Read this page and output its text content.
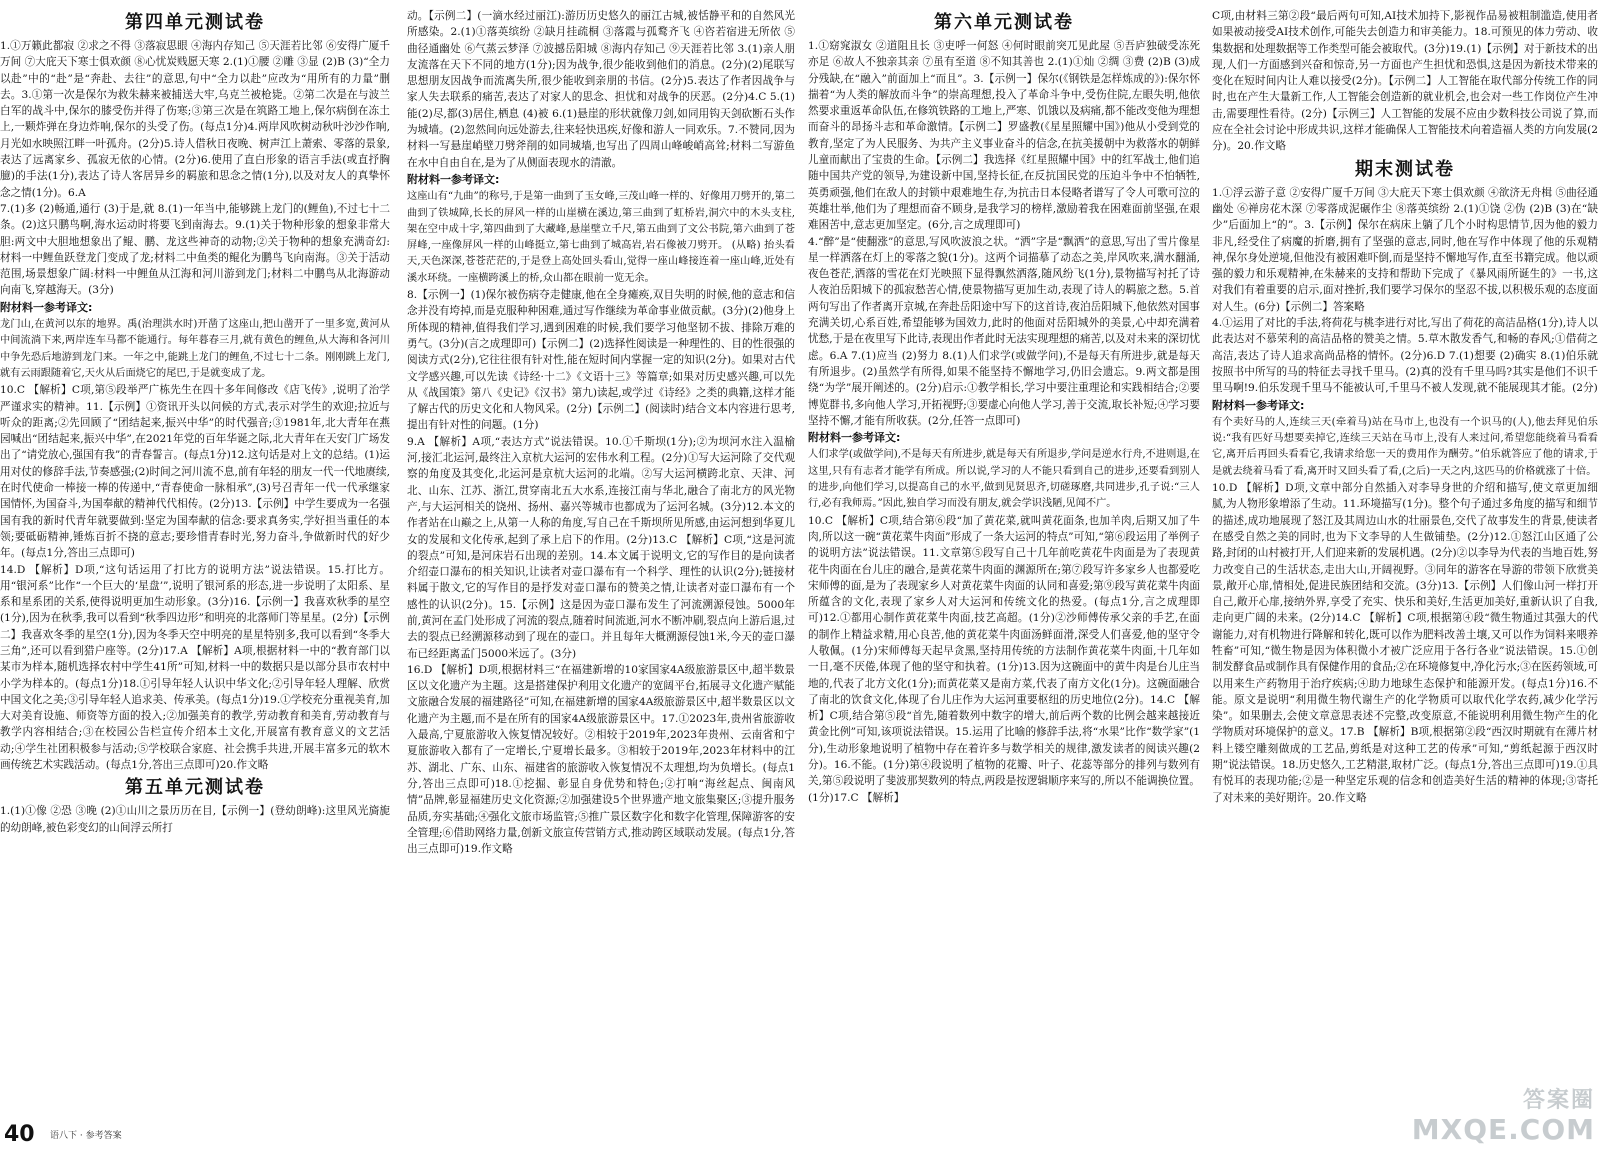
第四单元测试卷

1.①万籁此都寂 ②求之不得 ③落寂思眼 ④海内存知己 ⑤天涯若比邻 ⑥安得广厦千万间 ⑦大庇天下寒士俱欢颜 ⑧心忧炭贱愿天寒 2.(1)①腰 ②雕 ③显 (2)B (3)“全力以赴”中的“赴”是“奔赴、去往”的意思,句中“全力以赴”应改为“用所有的力量”删去。3.①第一次是保尔为救朱赫来被捕送大牢,乌克兰被枪毙。②第二次是在与波兰白军的战斗中,保尔的膝受伤并得了伤寒;③第三次是在筑路工地上,保尔病倒在冻土上,一颗炸弹在身边炸响,保尔的头受了伤。(每点1分)4.两岸风吹树动秋叶沙沙作响,月光如水映照江畔一叶孤舟。(2分)5.诗人借秋日夜晚、树声江上萧索、零落的景象,表达了远离家乡、孤寂无依的心情。(2分)6.使用了直白形象的语言手法(或直抒胸臆)的手法(1分),表达了诗人客居异乡的羁旅和思念之情(1分),以及对友人的真挚怀念之情(1分)。6.A

7.(1)多 (2)畅通,通行 (3)于是,就 8.(1)一年当中,能够跳上龙门的(鲤鱼),不过七十二条。(2)这只鹏鸟啊,海水运动时将要飞到南海去。9.(1)关于物种形象的想象非常大胆:两文中大胆地想象出了鲲、鹏、龙这些神奇的动物;②关于物种的想象充满奇幻:材料一中鲤鱼跃登龙门变成了龙;材料二中鱼类的鲲化为鹏鸟飞向南海。③关于活动范围,场景想象广阔:材料一中鲤鱼从江海和河川游到龙门;材料二中鹏鸟从北海游动向南飞,穿越海天。(3分)

附材料一参考译文:

龙门山,在黄河以东的地界。禹(治理洪水时)开凿了这座山,把山凿开了一里多宽,黄河从中间流淌下来,两岸连车马都不能通行。每年暮春三月,就有黄色的鲤鱼,从大海和各河川中争先恐后地游到龙门来。一年之中,能跳上龙门的鲤鱼,不过七十二条。刚刚跳上龙门,就有云雨跟随着它,天火从后面烧它的尾巴,于是就变成了龙。

10.C 【解析】C项,第⑤段举严广栋先生在四十多年间修改《店飞传》,说明了治学严谨求实的精神。11.【示例】①资讯开头以问候的方式,表示对学生的欢迎;拉近与听众的距离;②先回顾了“团结起来,振兴中华”的时代强音;③1981年,北大青年在燕园喊出“团结起来,振兴中华”,在2021年党的百年华诞之际,北大青年在天安门广场发出了“请党放心,强国有我”的青春誓言。(每点1分)12.这句话是对上文的总结。(1)运用对仗的修辞手法,节奏感强;(2)时间之河川流不息,前有年轻的朋友一代一代地赓续,在时代使命一棒接一棒的传递中,“青春使命一脉相承”,(3)号召青年一代一代承继家国情怀,为国奋斗,为国奉献的精神代代相传。(2分)13.【示例】中学生要成为一名强国有我的新时代青年就要做到:坚定为国奉献的信念:要求真务实,学好担当重任的本领;要砥砺精神,锤炼百折不挠的意志;要珍惜青春时光,努力奋斗,争做新时代的好少年。(每点1分,答出三点即可)

14.D 【解析】D项,“这句话运用了打比方的说明方法”说法错误。15.打比方。用“银河系”比作“一个巨大的‘星盘’”,说明了银河系的形态,进一步说明了太阳系、星系和星系团的关系,使得说明更加生动形象。(3分)16.【示例一】我喜欢秋季的星空(1分),因为在秋季,我可以看到“秋季四边形”和明亮的北落师门等星星。(2分)【示例二】我喜欢冬季的星空(1分),因为冬季天空中明亮的星星特别多,我可以看到“冬季大三角”,还可以看到猎户座等。(2分)17.A 【解析】A项,根据材料一中的“教育部门以某市为样本,随机选择农村中学生41所”可知,材料一中的数据只是以部分县市农村中小学为样本的。(每点1分)18.①引导年轻人认识中华文化;②引导年轻人理解、欣赏中国文化之美;③引导年轻人追求美、传承美。(每点1分)19.①学校充分重视美育,加大对美育设施、师资等方面的投入;②加强美育的教学,劳动教育和美育,劳动教育与教学内容相结合;③在校园公告栏宣传介绍本土文化,开展富有教育意义的文艺活动;④学生社团积极参与活动;⑤学校联合家庭、社会携手共进,开展丰富多元的软木画传统艺术实践活动。(每点1分,答出三点即可)20.作文略

第五单元测试卷

1.(1)①像 ②恐 ③晚 (2)①山川之景历历在目,【示例一】(登幼朗峰):这里风光旖旎的幼朗峰,被色彩变幻的山间浮云所打

动。【示例二】(一滴水经过丽江):游历历史悠久的丽江古城,被恬静平和的自然风光所感染。2.(1)①落英缤纷 ②缺月挂疏桐 ③落霞与孤鹜齐飞 ④咨若宿进无所依 ⑤曲径通幽处 ⑥气蒸云梦泽 ⑦波撼岳阳城 ⑧海内存知己 ⑨天涯若比邻 3.(1)亲人朋友流落在天下不同的地方(1分);因为战争,很少能收到他们的消息。(2分)(2)尾联写思想朋友因战争而流离失所,很少能收到亲朋的书信。(2分)5.表达了作者因战争与家人失去联系的痛苦,表达了对家人的思念、担忧和对战争的厌恶。(2分)4.C 5.(1)能(2)尽,都(3)居住,栖息 (4)被 6.(1)悬崖的形状就像刀剑,如同用钩天剑砍断石头作为城墙。(2)忽然间向远处游去,往来轻快迅疾,好像和游人一同欢乐。7.不赞同,因为材料一写悬崖峭壁刀劈斧削的如同城墙,也写出了四周山峰峻峭高耸;材料二写游鱼在水中自由自在,是为了从侧面表现水的清澈。

附材料一参考译文:

这座山有“九曲”的称号,于是第一曲到了玉女峰,三茂山峰一样的、好像用刀劈开的,第二曲到了铁城障,长长的屏风一样的山崖横在溪边,第三曲到了虹桥岩,洞穴中的木头支柱,架在空中成十字,第四曲到了大藏峰,悬崖壁立千尺,第五曲到了文公书院,第六曲到了苍屏峰,一座像屏风一样的山峰挺立,第七曲到了城高岩,岩石像被刀劈开。 (从略) 抬头看天,天色深深,苍苍茫茫的,于是登上高处回头看山,觉得一座山峰接连着一座山峰,近处有溪水环绕。一座横跨溪上的桥,众山都在眼前一览无余。

8.【示例一】(1)保尔被伤病夺走健康,他在全身瘫痪,双目失明的时候,他的意志和信念并没有垮掉,而是克服种种困难,通过写作继续为革命事业做贡献。(3分)(2)他身上所体现的精神,值得我们学习,遇到困难的时候,我们要学习他坚韧不拔、排除万难的勇气。(3分)(言之成理即可)【示例二】(2)选择性阅读是一种理性的、目的性很强的阅读方式(2分),它往往很有针对性,能在短时间内掌握一定的知识(2分)。如果对古代文学感兴趣,可以先读《诗经·十二》《文语十三》等篇章;如果对历史感兴趣,可以先从《战国策》第八《史记》《汉书》第九)读起,或学过《诗经》之类的典籍,这样才能了解古代的历史文化和人物风采。(2分)【示例二】(阅读时)结合文本内容进行思考,提出有针对性的问题。(1分)

9.A 【解析】A项,“表达方式”说法错误。10.①千斯坝(1分);②为坝河水注入温榆河,接汇北运河,最终注入京杭大运河的宏伟水利工程。(2分)①写大运河除了交代观察的角度及其变化,北运河是京杭大运河的北端。②写大运河横跨北京、天津、河北、山东、江苏、浙江,贯穿南北五大水系,连接江南与华北,融合了南北方的风光物产,与大运河相关的饶州、扬州、嘉兴等城市也都成为了运河名城。(3分)12.本文的作者站在山巅之上,从第一人称的角度,写自己在千斯坝所见所感,由运河想到华夏儿女的发展和文化传承,起到了承上启下的作用。(2分)13.C 【解析】C项,“这是河流的裂点”可知,是河床岩石出现的差别。14.本文属于说明文,它的写作目的是向读者介绍壶口瀑布的相关知识,让读者对壶口瀑布有一个科学、理性的认识(2分);链接材料属于散文,它的写作目的是抒发对壶口瀑布的赞美之情,让读者对壶口瀑布有一个感性的认识(2分)。15.【示例】这是因为壶口瀑布发生了河流溯源侵蚀。5000年前,黄河在孟门处形成了河流的裂点,随着时间流逝,河水不断冲刷,裂点向上游后退,过去的裂点已经溯源移动到了现在的壶口。并且每年大概溯源侵蚀1米,今天的壶口瀑布已经距离孟门5000米远了。(3分)

16.D 【解析】D项,根据材料三“在福建新增的10家国家4A级旅游景区中,超半数景区以文化遗产为主题。这是搭建保护利用文化遗产的宽阔平台,拓展寻文化遗产赋能文旅融合发展的福建路径”可知,在福建新增的国家4A级旅游景区中,超半数景区以文化遗产为主题,而不是在所有的国家4A级旅游景区中。17.①2023年,贵州省旅游收入最高,宁夏旅游收入恢复情况较好。②相较于2019年,2023年贵州、云南省和宁夏旅游收入都有了一定增长,宁夏增长最多。③相较于2019年,2023年材料中的江苏、湖北、广东、山东、福建省的旅游收入恢复情况不太理想,均为负增长。(每点1分,答出三点即可)18.①挖掘、彰显自身优势和特色;②打响“海丝起点、闽南风情”品牌,彰显福建历史文化资源;②加强建设5个世界遗产地文旅集聚区;③提升服务品质,夯实基础;④强化文旅市场监管;⑤推广景区数字化和数字化管理,保障游客的安全管理;⑥借助网络力量,创新文旅宣传营销方式,推动跨区域联动发展。(每点1分,答出三点即可)19.作文略

第六单元测试卷

1.①窈窕淑女 ②道阻且长 ③吏呼一何怒 ④何时眼前突兀见此屋 ⑤吾庐独破受冻死亦足 ⑥故人不独亲其亲 ⑦虽有至道 ⑧不知其善也 2.(1)①灿 ②绸 ③费 (2)B (3)成分残缺,在“融入”前面加上“而且”。3.【示例一】保尔(《钢铁是怎样炼成的》):保尔怀揣着“为人类的解放而斗争”的崇高理想,投入了革命斗争中,受伤住院,左眼失明,他依然要求重返革命队伍,在修筑铁路的工地上,严寒、饥饿以及病痛,都不能改变他为理想而奋斗的昂扬斗志和革命激情。【示例二】罗盛教(《星星照耀中国》)他从小受到党的教育,坚定了为人民服务、为共产主义事业奋斗的信念,在抗美援朝中为救落水的朝鲜儿童而献出了宝贵的生命。【示例二】我选择《红星照耀中国》中的红军战士,他们追随中国共产党的领导,为建设新中国,坚持长征,在反抗国民党的压迫斗争中不怕牺牲,英勇顽强,他们在敌人的封锁中艰难地生存,为抗击日本侵略者谱写了令人可歌可泣的英雄壮举,他们为了理想而奋不顾身,是我学习的榜样,激励着我在困难面前坚强,在艰难困苦中,意志更加坚定。(6分,言之成理即可)

4.“醉”是“使翻涨”的意思,写风吹波浪之状。“洒”字是“飘洒”的意思,写出了雪片像星星一样洒落在灯上的零落之貌(1分)。这两个词描摹了动态之美,岸风吹来,满水翻涌,夜色苍茫,洒落的雪花在灯光映照下显得飘然洒落,随风纷飞(1分),景物描写衬托了诗人夜泊岳阳城下的孤寂愁苦心情,使景物描写更加生动,表现了诗人的羁旅之愁。5.首两句写出了作者离开京城,在奔赴岳阳途中写下的这首诗,夜泊岳阳城下,他依然对国事充满关切,心系百姓,希望能够为国效力,此时的他面对岳阳城外的美景,心中却充满着忧愁,于是在夜里写下此诗,表现出作者此时无法实现理想的痛苦,以及对未来的深切忧虑。6.A 7.(1)应当 (2)努力 8.(1)人们求学(或做学问),不是每天有所进步,就是每天有所退步。(2)虽然学有所得,如果不能坚持不懈地学习,仍旧会遗忘。9.两文都是围绕“为学”展开阐述的。(2分)启示:①教学相长,学习中要注重理论和实践相结合;②要博览群书,多向他人学习,开拓视野;③要虚心向他人学习,善于交流,取长补短;④学习要坚持不懈,才能有所收获。(2分,任答一点即可)

附材料一参考译文:

人们求学(或做学问),不是每天有所进步,就是每天有所退步,学问是逆水行舟,不进则退,在这里,只有有志者才能学有所成。所以说,学习的人不能只看到自己的进步,还要看到别人的进步,向他们学习,以提高自己的水平,做到见贤思齐,切磋琢磨,共同进步,孔子说:“三人行,必有我师焉。”因此,独自学习而没有朋友,就会学识浅陋,见闻不广。

10.C 【解析】C项,结合第⑥段“加了黄花菜,就叫黄花面条,也加羊肉,后期又加了牛肉,所以这一碗“黄花菜牛肉面”形成了一条大运河的特点”可知,“第⑥段运用了举例子的说明方法”说法错误。11.文章第⑤段写自己十几年前吃黄花牛肉面是为了表现黄花牛肉面在台儿庄的融合,是黄花菜牛肉面的渊源所在;第⑦段写许多家乡人也都爱吃宋师傅的面,是为了表现家乡人对黄花菜牛肉面的认同和喜爱;第⑨段写黄花菜牛肉面所蕴含的文化,表现了家乡人对大运河和传统文化的热爱。(每点1分,言之成理即可)12.①都用心制作黄花菜牛肉面,技艺高超。(1分)②沙师傅传承父亲的手艺,在面的制作上精益求精,用心良苦,他的黄花菜牛肉面汤鲜面滑,深受人们喜爱,他的坚守令人敬佩。(1分)宋师傅每天起早贪黑,坚持用传统的方法制作黄花菜牛肉面,十几年如一日,毫不厌倦,体现了他的坚守和执着。(1分)13.因为这碗面中的黄牛肉是台儿庄当地的,代表了北方文化(1分);而黄花菜又是南方菜,代表了南方文化(1分)。这碗面融合了南北的饮食文化,体现了台儿庄作为大运河重要枢纽的历史地位(2分)。14.C 【解析】C项,结合第⑤段“首先,随着数列中数字的增大,前后两个数的比例会越来越接近黄金比例”可知,该项说法错误。15.运用了比喻的修辞手法,将“水果”比作“数学家”(1分),生动形象地说明了植物中存在着许多与数学相关的规律,激发读者的阅读兴趣(2分)。16.不能。(1分)第④段说明了植物的花瓣、叶子、花蕊等部分的排列与数列有关,第⑤段说明了斐波那契数列的特点,两段是按逻辑顺序来写的,所以不能调换位置。(1分)17.C 【解析】

C项,由材料三第②段“最后两句可知,AI技术加持下,影视作品易被粗制滥造,使用者如果被动接受AI技术创作,可能失去创造力和审美能力。18.可预见的体力劳动、收集数据和处理数据等工作类型可能会被取代。(3分)19.(1)【示例】对于新技术的出现,人们一方面感到兴奋和惊奇,另一方面也产生担忧和恐惧,这是因为新技术带来的变化在短时间内让人难以接受(2分)。【示例二】人工智能在取代部分传统工作的同时,也在产生大量新工作,人工智能会创造新的就业机会,也会对一些工作岗位产生冲击,需要理性看待。(2分)【示例三】人工智能的发展不应由少数科技公司说了算,而应在全社会讨论中形成共识,这样才能确保人工智能技术向着造福人类的方向发展(2分)。20.作文略

期末测试卷

1.①浮云游子意 ②安得广厦千万间 ③大庇天下寒士俱欢颜 ④欲济无舟楫 ⑤曲径通幽处 ⑥禅房花木深 ⑦零落成泥碾作尘 ⑧落英缤纷 2.(1)①饶 ②伪 (2)B (3)在“缺少”后面加上“的”。3.【示例】保尔在病床上躺了几个小时构思情节,因为他的毅力非凡,经受住了病魔的折磨,拥有了坚强的意志,同时,他在写作中体现了他的乐观精神,保尔身处逆境,但他没有被困难吓倒,而是坚持不懈地写作,直至书籍完成。他以顽强的毅力和乐观精神,在朱赫来的支持和帮助下完成了《暴风雨所诞生的》一书,这对我们有着重要的启示,面对挫折,我们要学习保尔的坚忍不拔,以积极乐观的态度面对人生。(6分)【示例二】答案略

4.①运用了对比的手法,将荷花与桃李进行对比,写出了荷花的高洁品格(1分),诗人以此表达对不慕荣利的高洁品格的赞美之情。5.草木散发香气,和畅的春风;①借荷之高洁,表达了诗人追求高尚品格的情怀。(2分)6.D 7.(1)想要 (2)确实 8.(1)伯乐就按照书中所写的马的特征去寻找千里马。(2)真的没有千里马吗?其实是他们不识千里马啊!9.伯乐发现千里马不能被认可,千里马不被人发现,就不能展现其才能。(2分)

附材料一参考译文:

有个卖好马的人,连续三天(牵着马)站在马市上,也没有一个识马的(人),他去拜见伯乐说:“我有匹好马想要卖掉它,连续三天站在马市上,没有人来过问,希望您能绕着马看看它,离开后再回头看看它,我请求给您一天的费用作为酬劳。”伯乐就答应了他的请求,于是就去绕着马看了看,离开时又回头看了看,(之后)一天之内,这匹马的价格就涨了十倍。

10.D 【解析】D项,文章中部分自然插入对李导身世的介绍和描写,使文章更加细腻,为人物形象增添了生动。11.环境描写(1分)。整个句子通过多角度的描写和细节的描述,成功地展现了怒江及其周边山水的壮丽景色,交代了故事发生的背景,使读者在感受自然之美的同时,也为下文李导的人生做铺垫。(2分)12.①怒江山区通了公路,封闭的山村被打开,人们迎来新的发展机遇。(2分)②以李导为代表的当地百姓,努力改变自己的生活状态,走出大山,开阔视野。③同年的游客在导游的带领下欣赏美景,敞开心扉,情相处,促进民族团结和交流。(3分)13.【示例】人们像山河一样打开自己,敞开心扉,接纳外界,享受了充实、快乐和美好,生活更加美好,重新认识了自我,走向更广阔的未来。(2分)14.C 【解析】C项,根据第④段“微生物通过其强大的代谢能力,对有机物进行降解和转化,既可以作为肥料改善土壤,又可以作为饲料来喂养牲畜”可知,“微生物是因为体积微小才被广泛应用于各行各业”说法错误。15.①创制发酵食品或制作具有保健作用的食品;②在环境修复中,净化污水;③在医药领域,可以用来生产药物用于治疗疾病;④助力地球生态保护和能源开发。(每点1分)16.不能。原文是说明“利用微生物代谢生产的化学物质可以取代化学农药,减少化学污染”。如果删去,会使文章意思表述不完整,改变原意,不能说明利用微生物产生的化学物质对环境保护的意义。17.B 【解析】B项,根据第②段“西汉时期就有在薄片材料上镂空雕刻做成的工艺品,剪纸是对这种工艺的传承”可知,“剪纸起源于西汉时期”说法错误。18.历史悠久,工艺精湛,取材广泛。(每点1分,答出三点即可)19.①具有悦耳的表现功能;②是一种坚定乐观的信念和创造美好生活的精神的体现;③寄托了对未来的美好期许。20.作文略

40 语八下 · 参考答案
答案圈
MXQE.COM
